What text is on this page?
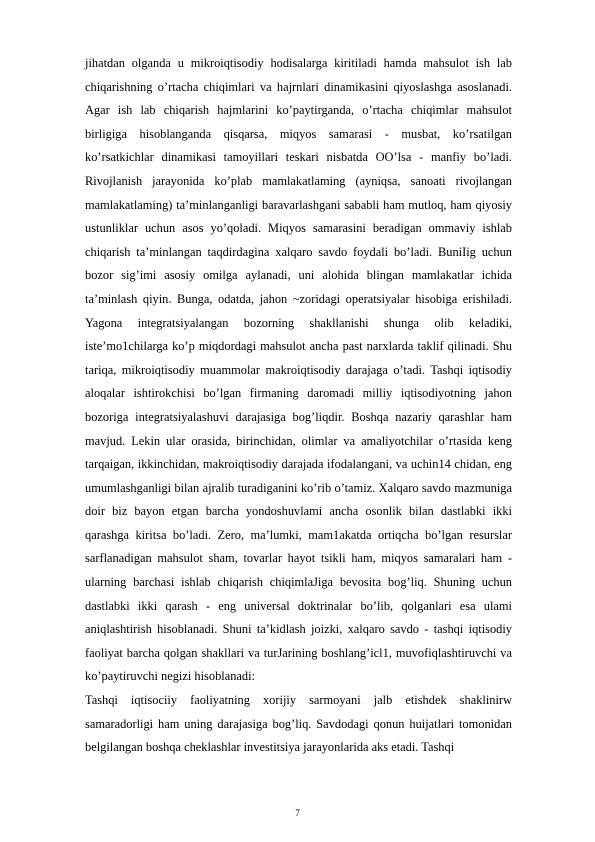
jihatdan olganda u mikroiqtisodiy hodisalarga kiritiladi hamda mahsulot ish lab chiqarishning o’rtacha chiqimlari va hajrnlari dinamikasini qiyoslashga asoslanadi. Agar ish lab chiqarish hajmlarini ko’paytirganda, o’rtacha chiqimlar mahsulot birligiga hisoblanganda qisqarsa, miqyos samarasi - musbat, ko’rsatilgan ko’rsatkichlar dinamikasi tamoyillari teskari nisbatda OO’lsa - manfiy bo’ladi. Rivojlanish jarayonida ko’plab mamlakatlaming (ayniqsa, sanoati rivojlangan mamlakatlaming) ta’minlanganligi baravarlashgani sababli ham mutloq, ham qiyosiy ustunliklar uchun asos yo’qoladi. Miqyos samarasini beradigan ommaviy ishlab chiqarish ta’minlangan taqdirdagina xalqaro savdo foydali bo’ladi. BuniIig uchun bozor sig’imi asosiy omilga aylanadi, uni alohida blingan mamlakatlar ichida ta’minlash qiyin. Bunga, odatda, jahon ~zoridagi operatsiyalar hisobiga erishiladi. Yagona integratsiyalangan bozorning shakllanishi shunga olib keladiki, iste’mo1chilarga ko’p miqdordagi mahsulot ancha past narxlarda taklif qilinadi. Shu tariqa, mikroiqtisodiy muammolar makroiqtisodiy darajaga o’tadi. Tashqi iqtisodiy aloqalar ishtirokchisi bo’lgan firmaning daromadi milliy iqtisodiyotning jahon bozoriga integratsiyalashuvi darajasiga bog’liqdir. Boshqa nazariy qarashlar ham mavjud. Lekin ular orasida, birinchidan, olimlar va amaliyotchilar o’rtasida keng tarqaigan, ikkinchidan, makroiqtisodiy darajada ifodalangani, va uchin14 chidan, eng umumlashganligi bilan ajralib turadiganini ko’rib o’tamiz. Xalqaro savdo mazmuniga doir biz bayon etgan barcha yondoshuvlami ancha osonlik bilan dastlabki ikki qarashga kiritsa bo’ladi. Zero, ma’lumki, mam1akatda ortiqcha bo’lgan resurslar sarflanadigan mahsulot sham, tovarlar hayot tsikli ham, miqyos samaralari ham - ularning barchasi ishlab chiqarish chiqimlaJiga bevosita bog’liq. Shuning uchun dastlabki ikki qarash - eng universal doktrinalar bo’lib, qolganlari esa ulami aniqlashtirish hisoblanadi. Shuni ta’kidlash joizki, xalqaro savdo - tashqi iqtisodiy faoliyat barcha qolgan shakllari va turJarining boshlang’icl1, muvofiqlashtiruvchi va ko’paytiruvchi negizi hisoblanadi:

Tashqi iqtisociiy faoliyatning xorijiy sarmoyani jalb etishdek shaklinirw samaradorligi ham uning darajasiga bog’liq. Savdodagi qonun huijatlari tomonidan belgilangan boshqa cheklashlar investitsiya jarayonlarida aks etadi. Tashqi

7
